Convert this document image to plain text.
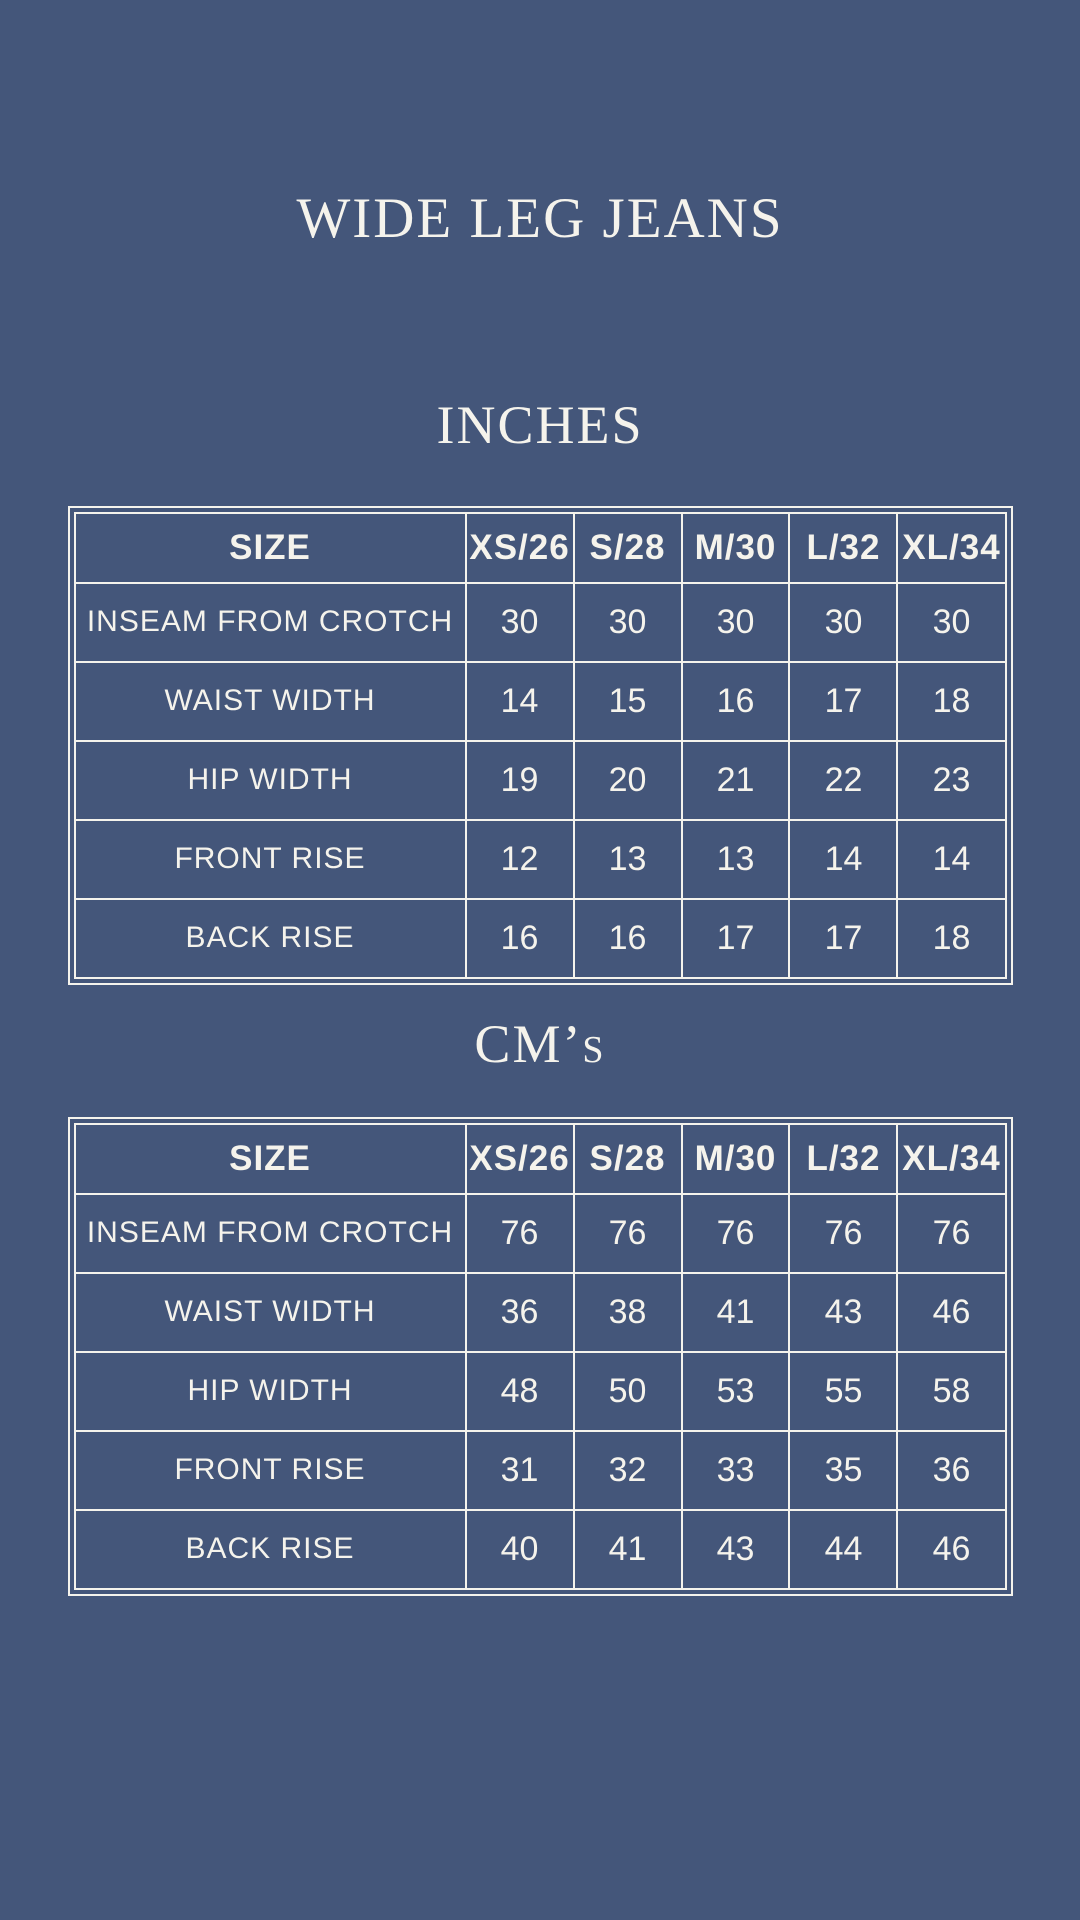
WIDE LEG JEANS
INCHES
SIZE	XS/26	S/28	M/30	L/32	XL/34
INSEAM FROM CROTCH	30	30	30	30	30
WAIST WIDTH	14	15	16	17	18
HIP WIDTH	19	20	21	22	23
FRONT RISE	12	13	13	14	14
BACK RISE	16	16	17	17	18
CM’s
SIZE	XS/26	S/28	M/30	L/32	XL/34
INSEAM FROM CROTCH	76	76	76	76	76
WAIST WIDTH	36	38	41	43	46
HIP WIDTH	48	50	53	55	58
FRONT RISE	31	32	33	35	36
BACK RISE	40	41	43	44	46
